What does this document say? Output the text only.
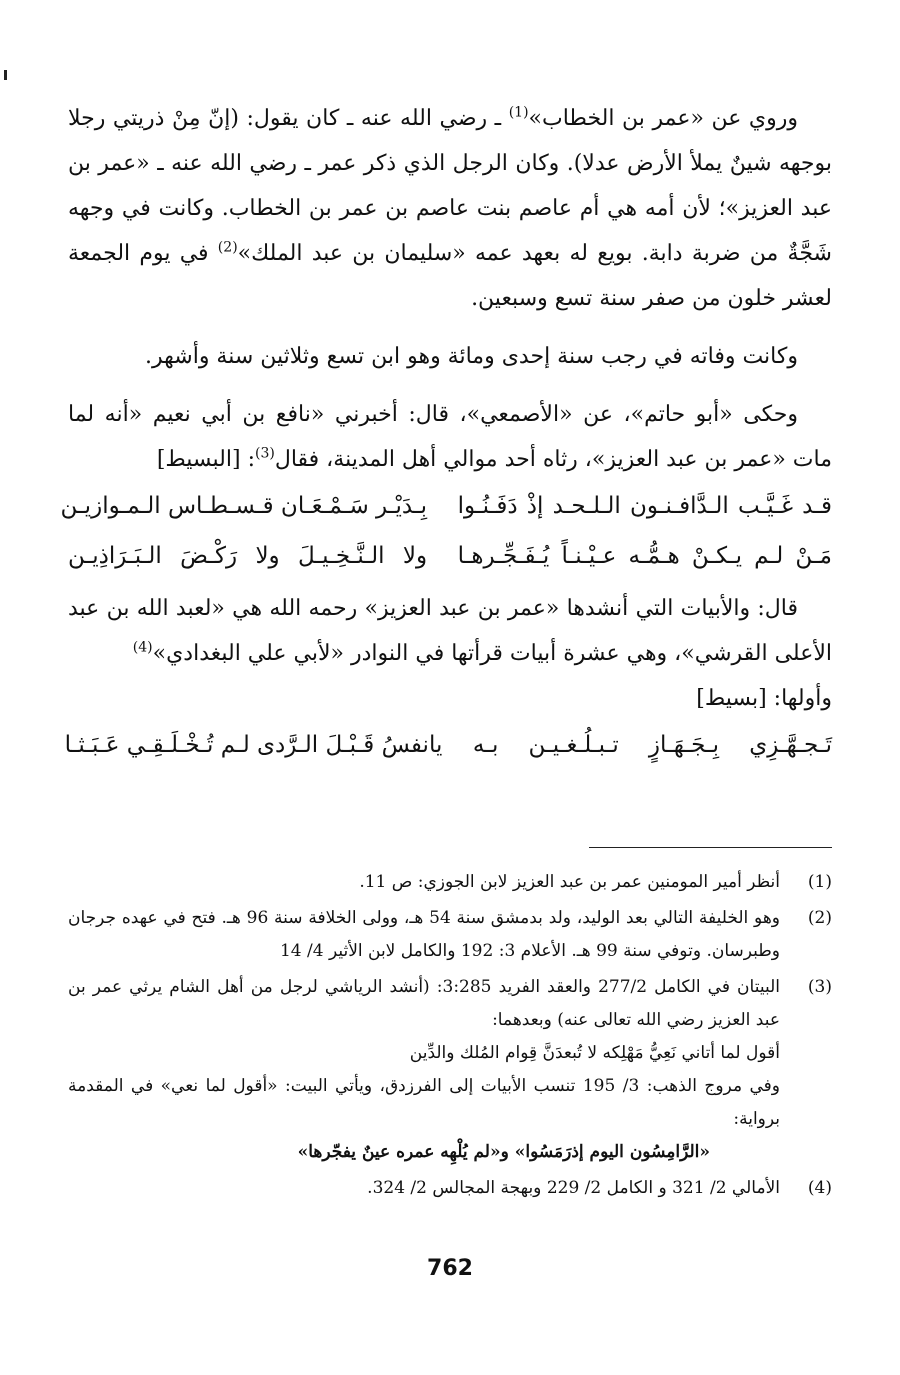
وروي عن «عمر بن الخطاب»$^{(1)}$ ـ رضي الله عنه ـ كان يقول: (إنّ مِنْ ذريتي رجلا بوجهه شينٌ يملأ الأرض عدلا). وكان الرجل الذي ذكر عمر ـ رضي الله عنه ـ «عمر بن عبد العزيز»؛ لأن أمه هي أم عاصم بنت عاصم بن عمر بن الخطاب. وكانت في وجهه شَجَّةٌ من ضربة دابة. بويع له بعهد عمه «سليمان بن عبد الملك»$^{(2)}$ في يوم الجمعة لعشر خلون من صفر سنة تسع وسبعين.

وكانت وفاته في رجب سنة إحدى ومائة وهو ابن تسع وثلاثين سنة وأشهر.

وحكى «أبو حاتم»، عن «الأصمعي»، قال: أخبرني «نافع بن أبي نعيم «أنه لما مات «عمر بن عبد العزيز»، رثاه أحد موالي أهل المدينة، فقال$^{(3)}$: [البسيط]

قـد غَـيَّـب الـدَّافـنـون الـلـحـد إذْ دَفَـنُـوا
بِـدَيْـر سَـمْـعَـان قـسـطـاس الـمـوازيـن
مَـنْ لـم يـكـنْ هـمُّـه عـيْـنـاً يُـفَـجِّـرهـا
ولا الـنَّـخِـيـلَ ولا رَكْـضَ الـبَـرَاذِيـن

قال: والأبيات التي أنشدها «عمر بن عبد العزيز» رحمه الله هي «لعبد الله بن عبد الأعلى القرشي»، وهي عشرة أبيات قرأتها في النوادر «لأبي علي البغدادي»$^{(4)}$
وأولها: [بسيط]

تَـجـهَّـزِي بِـجَـهَـازٍ تـبـلُـغـيـن بـه
يانفسُ قَـبْـلَ الـرَّدى لـم تُـخْـلَـقِـي عَـبَـثـا
(1)
أنظر أمير المومنين عمر بن عبد العزيز لابن الجوزي: ص 11.
(2)
وهو الخليفة التالي بعد الوليد، ولد بدمشق سنة 54 هـ، وولى الخلافة سنة 96 هـ. فتح في عهده جرجان وطبرسان. وتوفي سنة 99 هـ. الأعلام 3: 192 والكامل لابن الأثير 4/ 14
(3)
البيتان في الكامل 277/2 والعقد الفريد 3:285: (أنشد الرياشي لرجل من أهل الشام يرثي عمر بن عبد العزيز رضي الله تعالى عنه) وبعدهما:
أقول لما أتاني نَعِيُّ مَهْلِكه لا تُبعدَنَّ قِوام المُلك والدِّين
وفي مروج الذهب: 3/ 195 تنسب الأبيات إلى الفرزدق، ويأتي البيت: «أقول لما نعي» في المقدمة برواية:
«الرَّامِسُون اليوم إذرَمَسُوا» و«لم يُلْهِه عمره عينٌ يفجّرها»
(4)
الأمالي 2/ 321 و الكامل 2/ 229 وبهجة المجالس 2/ 324.
762
